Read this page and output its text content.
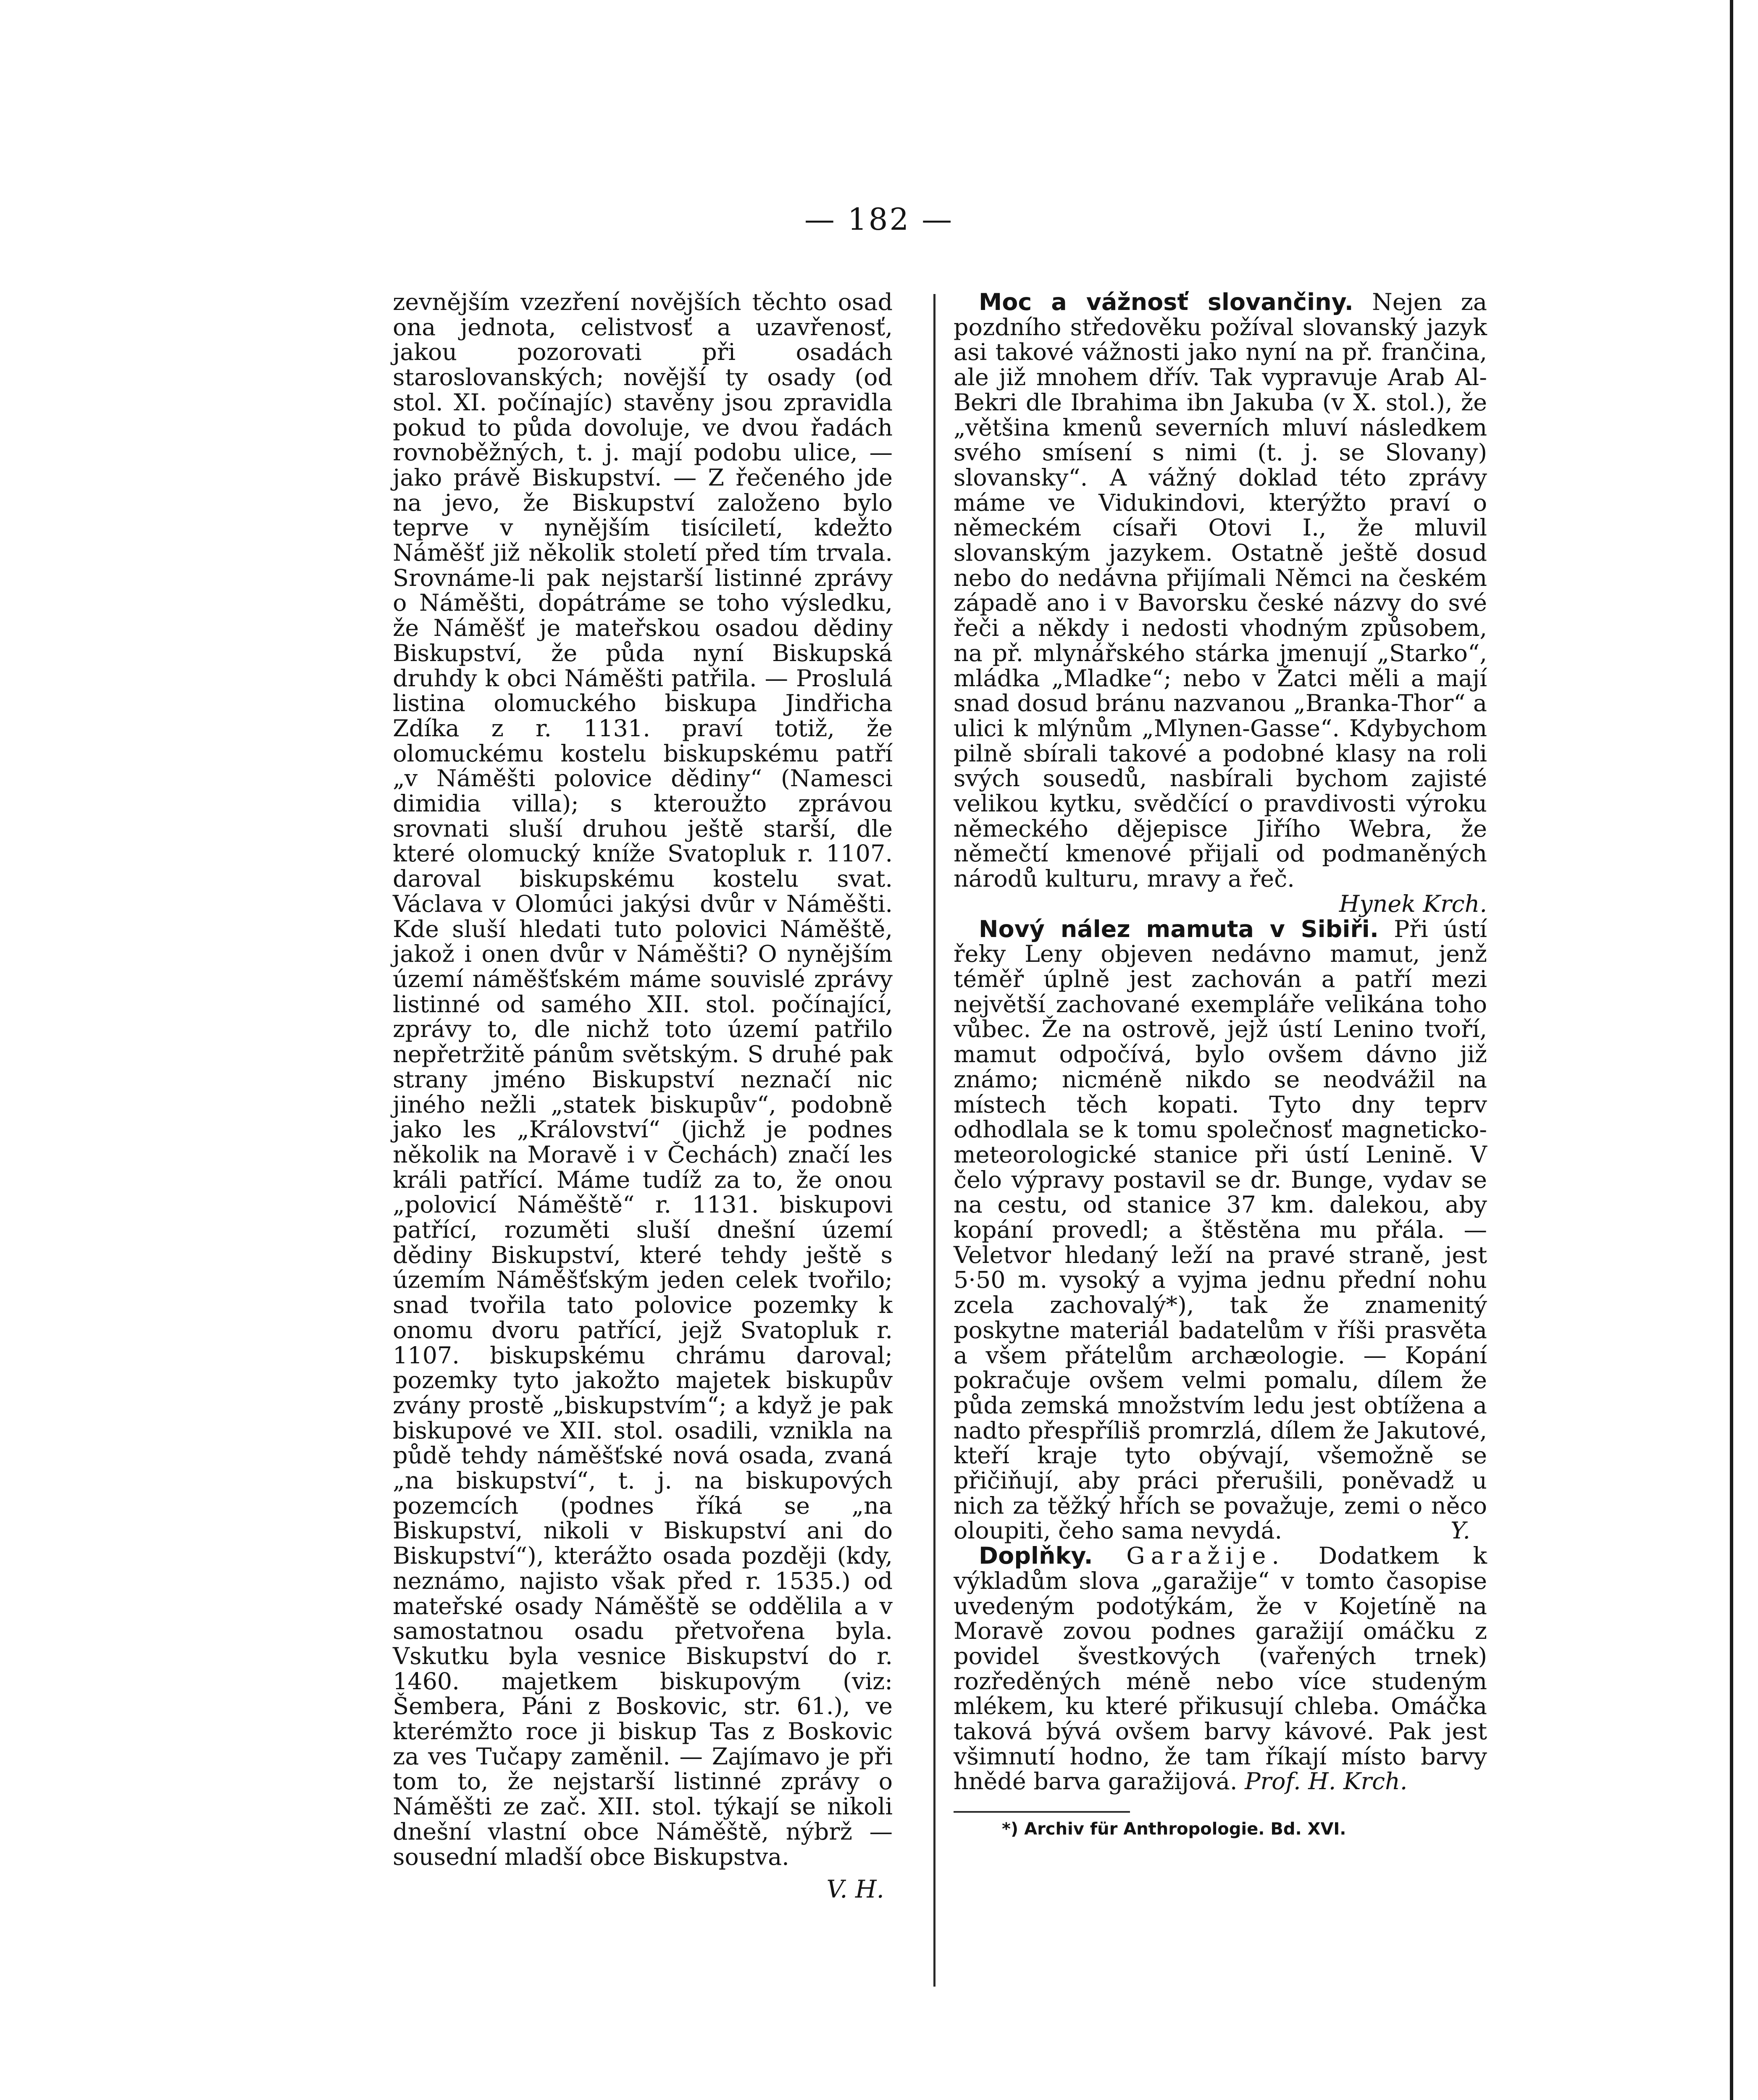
— 182 —

zevnějším vzezření novějších těchto osad ona jednota, celistvosť a uzavřenosť, jakou pozorovati při osadách staroslovanských; novější ty osady (od stol. XI. počínajíc) stavěny jsou zpravidla pokud to půda dovoluje, ve dvou řadách rovnoběžných, t. j. mají podobu ulice, — jako právě Biskupství. — Z řečeného jde na jevo, že Biskupství založeno bylo teprve v nynějším tisíciletí, kdežto Náměšť již několik století před tím trvala. Srovnáme-li pak nejstarší listinné zprávy o Náměšti, dopátráme se toho výsledku, že Náměšť je mateřskou osadou dědiny Biskupství, že půda nyní Biskupská druhdy k obci Náměšti patřila. — Proslulá listina olomuckého biskupa Jindřicha Zdíka z r. 1131. praví totiž, že olomuckému kostelu biskupskému patří „v Náměšti polovice dědiny“ (Namesci dimidia villa); s kteroužto zprávou srovnati sluší druhou ještě starší, dle které olomucký kníže Svatopluk r. 1107. daroval biskupskému kostelu svat. Václava v Olomúci jakýsi dvůr v Náměšti. Kde sluší hledati tuto polovici Náměště, jakož i onen dvůr v Náměšti? O nynějším území náměšťském máme souvislé zprávy listinné od samého XII. stol. počínající, zprávy to, dle nichž toto území patřilo nepřetržitě pánům světským. S druhé pak strany jméno Biskupství neznačí nic jiného nežli „statek biskupův“, podobně jako les „Království“ (jichž je podnes několik na Moravě i v Čechách) značí les králi patřící. Máme tudíž za to, že onou „polovicí Náměště“ r. 1131. biskupovi patřící, rozuměti sluší dnešní území dědiny Biskupství, které tehdy ještě s územím Náměšťským jeden celek tvořilo; snad tvořila tato polovice pozemky k onomu dvoru patřící, jejž Svatopluk r. 1107. biskupskému chrámu daroval; pozemky tyto jakožto majetek biskupův zvány prostě „biskupstvím“; a když je pak biskupové ve XII. stol. osadili, vznikla na půdě tehdy náměšťské nová osada, zvaná „na biskupství“, t. j. na biskupových pozemcích (podnes říká se „na Biskupství, nikoli v Biskupství ani do Biskupství“), kterážto osada později (kdy, neznámo, najisto však před r. 1535.) od mateřské osady Náměště se oddělila a v samostatnou osadu přetvořena byla. Vskutku byla vesnice Biskupství do r. 1460. majetkem biskupovým (viz: Šembera, Páni z Boskovic, str. 61.), ve kterémžto roce ji biskup Tas z Boskovic za ves Tučapy zaměnil. — Zajímavo je při tom to, že nejstarší listinné zprávy o Náměšti ze zač. XII. stol. týkají se nikoli dnešní vlastní obce Náměště, nýbrž — sousední mladší obce Biskupstva.

V. H.

Moc a vážnosť slovančiny. Nejen za pozdního středověku požíval slovanský jazyk asi takové vážnosti jako nyní na př. frančina, ale již mnohem dřív. Tak vypravuje Arab Al-Bekri dle Ibrahima ibn Jakuba (v X. stol.), že „většina kmenů severních mluví následkem svého smísení s nimi (t. j. se Slovany) slovansky“. A vážný doklad této zprávy máme ve Vidukindovi, kterýžto praví o německém císaři Otovi I., že mluvil slovanským jazykem. Ostatně ještě dosud nebo do nedávna přijímali Němci na českém západě ano i v Bavorsku české názvy do své řeči a někdy i nedosti vhodným způsobem, na př. mlynářského stárka jmenují „Starko“, mládka „Mladke“; nebo v Žatci měli a mají snad dosud bránu nazvanou „Branka-Thor“ a ulici k mlýnům „Mlynen-Gasse“. Kdybychom pilně sbírali takové a podobné klasy na roli svých sousedů, nasbírali bychom zajisté velikou kytku, svědčící o pravdivosti výroku německého dějepisce Jiřího Webra, že němečtí kmenové přijali od podmaněných národů kulturu, mravy a řeč.

Hynek Krch.

Nový nález mamuta v Sibiři. Při ústí řeky Leny objeven nedávno mamut, jenž téměř úplně jest zachován a patří mezi největší zachované exempláře velikána toho vůbec. Že na ostrově, jejž ústí Lenino tvoří, mamut odpočívá, bylo ovšem dávno již známo; nicméně nikdo se neodvážil na místech těch kopati. Tyto dny teprv odhodlala se k tomu společnosť magneticko-meteorologické stanice při ústí Leninĕ. V čelo výpravy postavil se dr. Bunge, vydav se na cestu, od stanice 37 km. dalekou, aby kopání provedl; a štěstěna mu přála. — Veletvor hledaný leží na pravé straně, jest 5·50 m. vysoký a vyjma jednu přední nohu zcela zachovalý*), tak že znamenitý poskytne materiál badatelům v říši prasvěta a všem přátelům archæologie. — Kopání pokračuje ovšem velmi pomalu, dílem že půda zemská množstvím ledu jest obtížena a nadto přespříliš promrzlá, dílem že Jakutové, kteří kraje tyto obývají, všemožně se přičiňují, aby práci přerušili, poněvadž u nich za těžký hřích se považuje, zemi o něco oloupiti, čeho sama nevydá.	Y.

Doplňky. Garažije. Dodatkem k výkladům slova „garažije“ v tomto časopise uvedeným podotýkám, že v Kojetíně na Moravě zovou podnes garažijí omáčku z povidel švestkových (vařených trnek) rozředěných méně nebo více studeným mlékem, ku které přikusují chleba. Omáčka taková bývá ovšem barvy kávové. Pak jest všimnutí hodno, že tam říkají místo barvy hnědé barva garažijová. Prof. H. Krch.

*) Archiv für Anthropologie. Bd. XVI.
